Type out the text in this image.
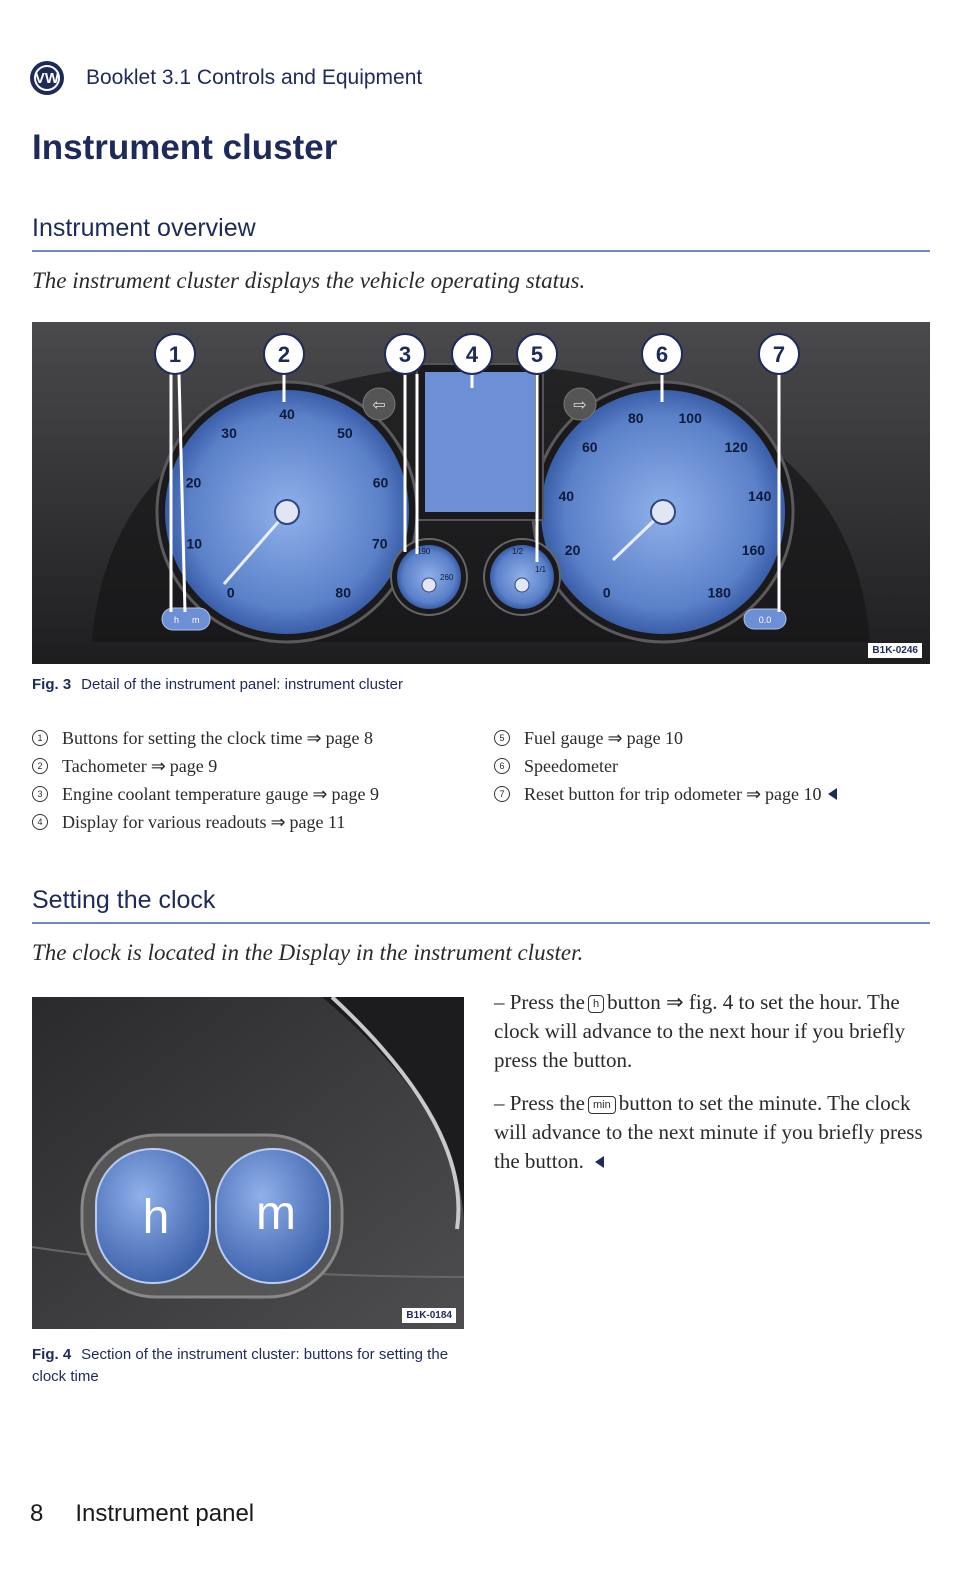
VW Booklet 3.1 Controls and Equipment
Instrument cluster
Instrument overview
The instrument cluster displays the vehicle operating status.
0
10
20
30
40
50
60
70
80	0
20
40
60
80 100
120
140
160
180
⇦	⇨
190
260
1/2
1/1
h m	0.0
1	2	3 4 5	6	7
B1K-0246
Fig. 3 Detail of the instrument panel: instrument cluster
1	Buttons for setting the clock time ⇒ page 8
2	Tachometer ⇒ page 9
3	Engine coolant temperature gauge ⇒ page 9
4	Display for various readouts ⇒ page 11
5	Fuel gauge ⇒ page 10
6	Speedometer
7	Reset button for trip odometer ⇒ page 10
Setting the clock
The clock is located in the Display in the instrument cluster.
h m
B1K-0184
Fig. 4 Section of the instrument cluster: buttons for setting the clock time
– Press the h button ⇒ fig. 4 to set the hour. The clock will advance to the next hour if you briefly press the button.
– Press the min button to set the minute. The clock will advance to the next minute if you briefly press the button.
8 Instrument panel
